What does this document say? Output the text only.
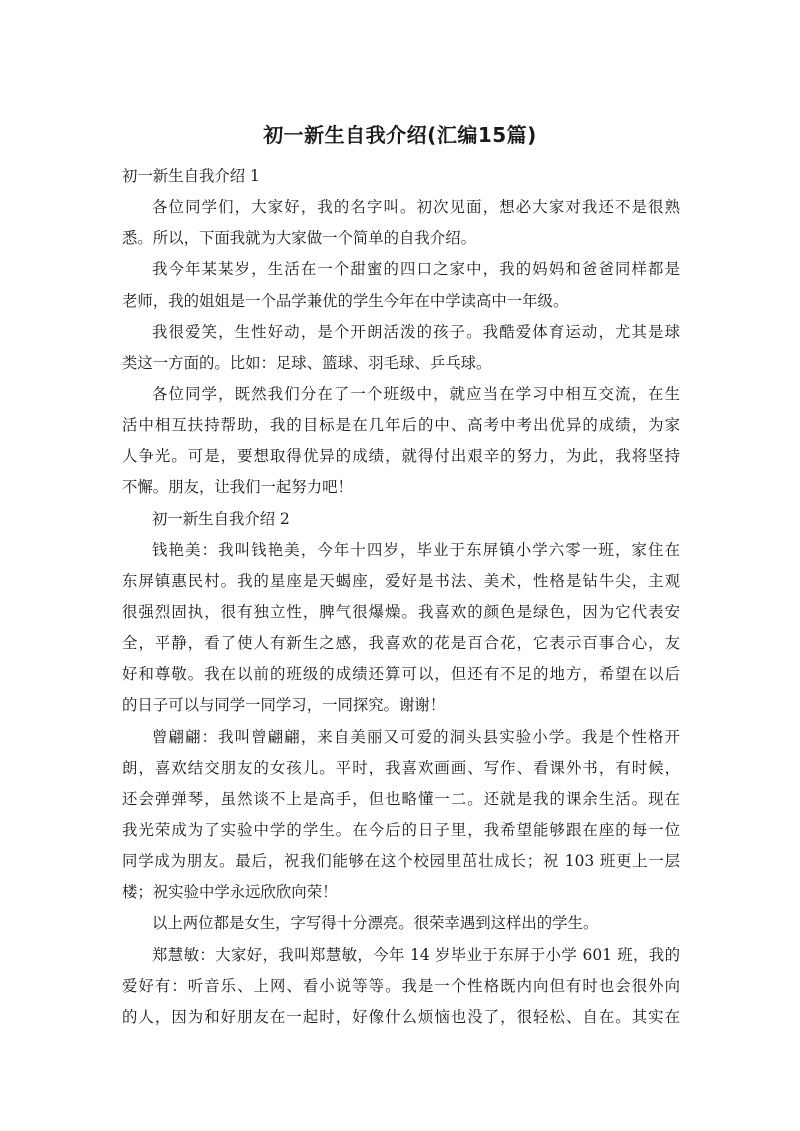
初一新生自我介绍(汇编15篇)
初一新生自我介绍 1
各位同学们，大家好，我的名字叫。初次见面，想必大家对我还不是很熟
悉。所以，下面我就为大家做一个简单的自我介绍。
我今年某某岁，生活在一个甜蜜的四口之家中，我的妈妈和爸爸同样都是
老师，我的姐姐是一个品学兼优的学生今年在中学读高中一年级。
我很爱笑，生性好动，是个开朗活泼的孩子。我酷爱体育运动，尤其是球
类这一方面的。比如：足球、篮球、羽毛球、乒乓球。
各位同学，既然我们分在了一个班级中，就应当在学习中相互交流，在生
活中相互扶持帮助，我的目标是在几年后的中、高考中考出优异的成绩，为家
人争光。可是，要想取得优异的成绩，就得付出艰辛的努力，为此，我将坚持
不懈。朋友，让我们一起努力吧！
初一新生自我介绍 2
钱艳美：我叫钱艳美，今年十四岁，毕业于东屏镇小学六零一班，家住在
东屏镇惠民村。我的星座是天蝎座，爱好是书法、美术，性格是钻牛尖，主观
很强烈固执，很有独立性，脾气很爆燥。我喜欢的颜色是绿色，因为它代表安
全，平静，看了使人有新生之感，我喜欢的花是百合花，它表示百事合心，友
好和尊敬。我在以前的班级的成绩还算可以，但还有不足的地方，希望在以后
的日子可以与同学一同学习，一同探究。谢谢！
曾翩翩：我叫曾翩翩，来自美丽又可爱的洞头县实验小学。我是个性格开
朗，喜欢结交朋友的女孩儿。平时，我喜欢画画、写作、看课外书，有时候，
还会弹弹琴，虽然谈不上是高手，但也略懂一二。还就是我的课余生活。现在
我光荣成为了实验中学的学生。在今后的日子里，我希望能够跟在座的每一位
同学成为朋友。最后，祝我们能够在这个校园里茁壮成长；祝 103 班更上一层
楼；祝实验中学永远欣欣向荣！
以上两位都是女生，字写得十分漂亮。很荣幸遇到这样出的学生。
郑慧敏：大家好，我叫郑慧敏，今年 14 岁毕业于东屏于小学 601 班，我的
爱好有：听音乐、上网、看小说等等。我是一个性格既内向但有时也会很外向
的人，因为和好朋友在一起时，好像什么烦恼也没了，很轻松、自在。其实在
